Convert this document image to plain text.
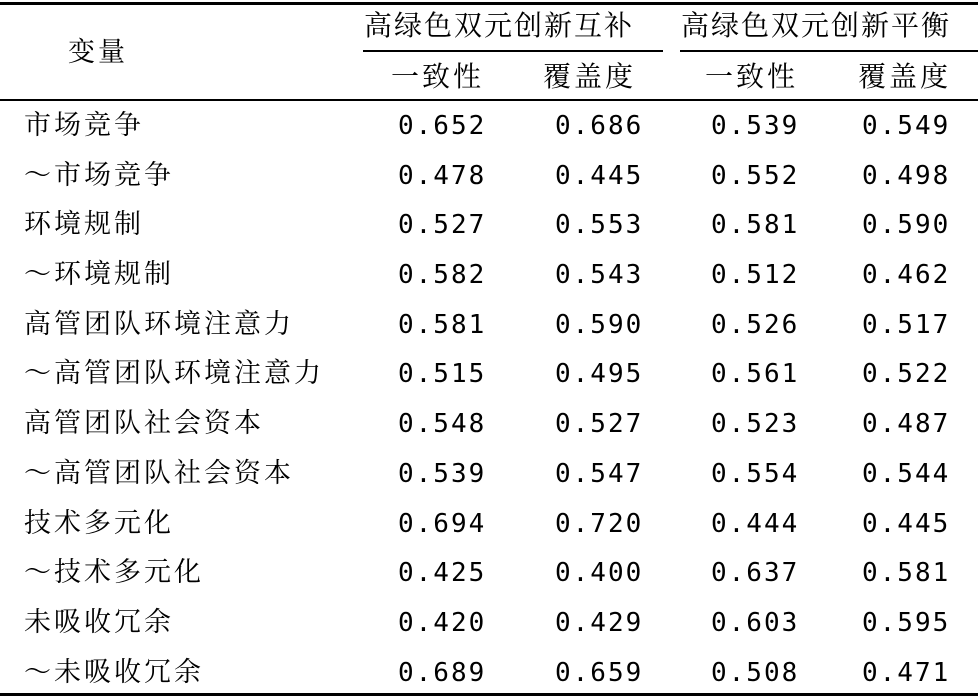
变量
高绿色双元创新互补 高绿色双元创新平衡
一致性 覆盖度 一致性 覆盖度
市场竞争	0.652	0.686	0.539 0.549
～市场竞争	0.478	0.445	0.552 0.498
环境规制	0.527	0.553	0.581 0.590
～环境规制	0.582	0.543	0.512 0.462
高管团队环境注意力	0.581	0.590	0.526 0.517
～高管团队环境注意力	0.515	0.495	0.561 0.522
高管团队社会资本	0.548	0.527	0.523 0.487
～高管团队社会资本	0.539	0.547	0.554 0.544
技术多元化	0.694	0.720	0.444 0.445
～技术多元化	0.425	0.400	0.637 0.581
未吸收冗余	0.420	0.429	0.603 0.595
～未吸收冗余	0.689	0.659	0.508 0.471
